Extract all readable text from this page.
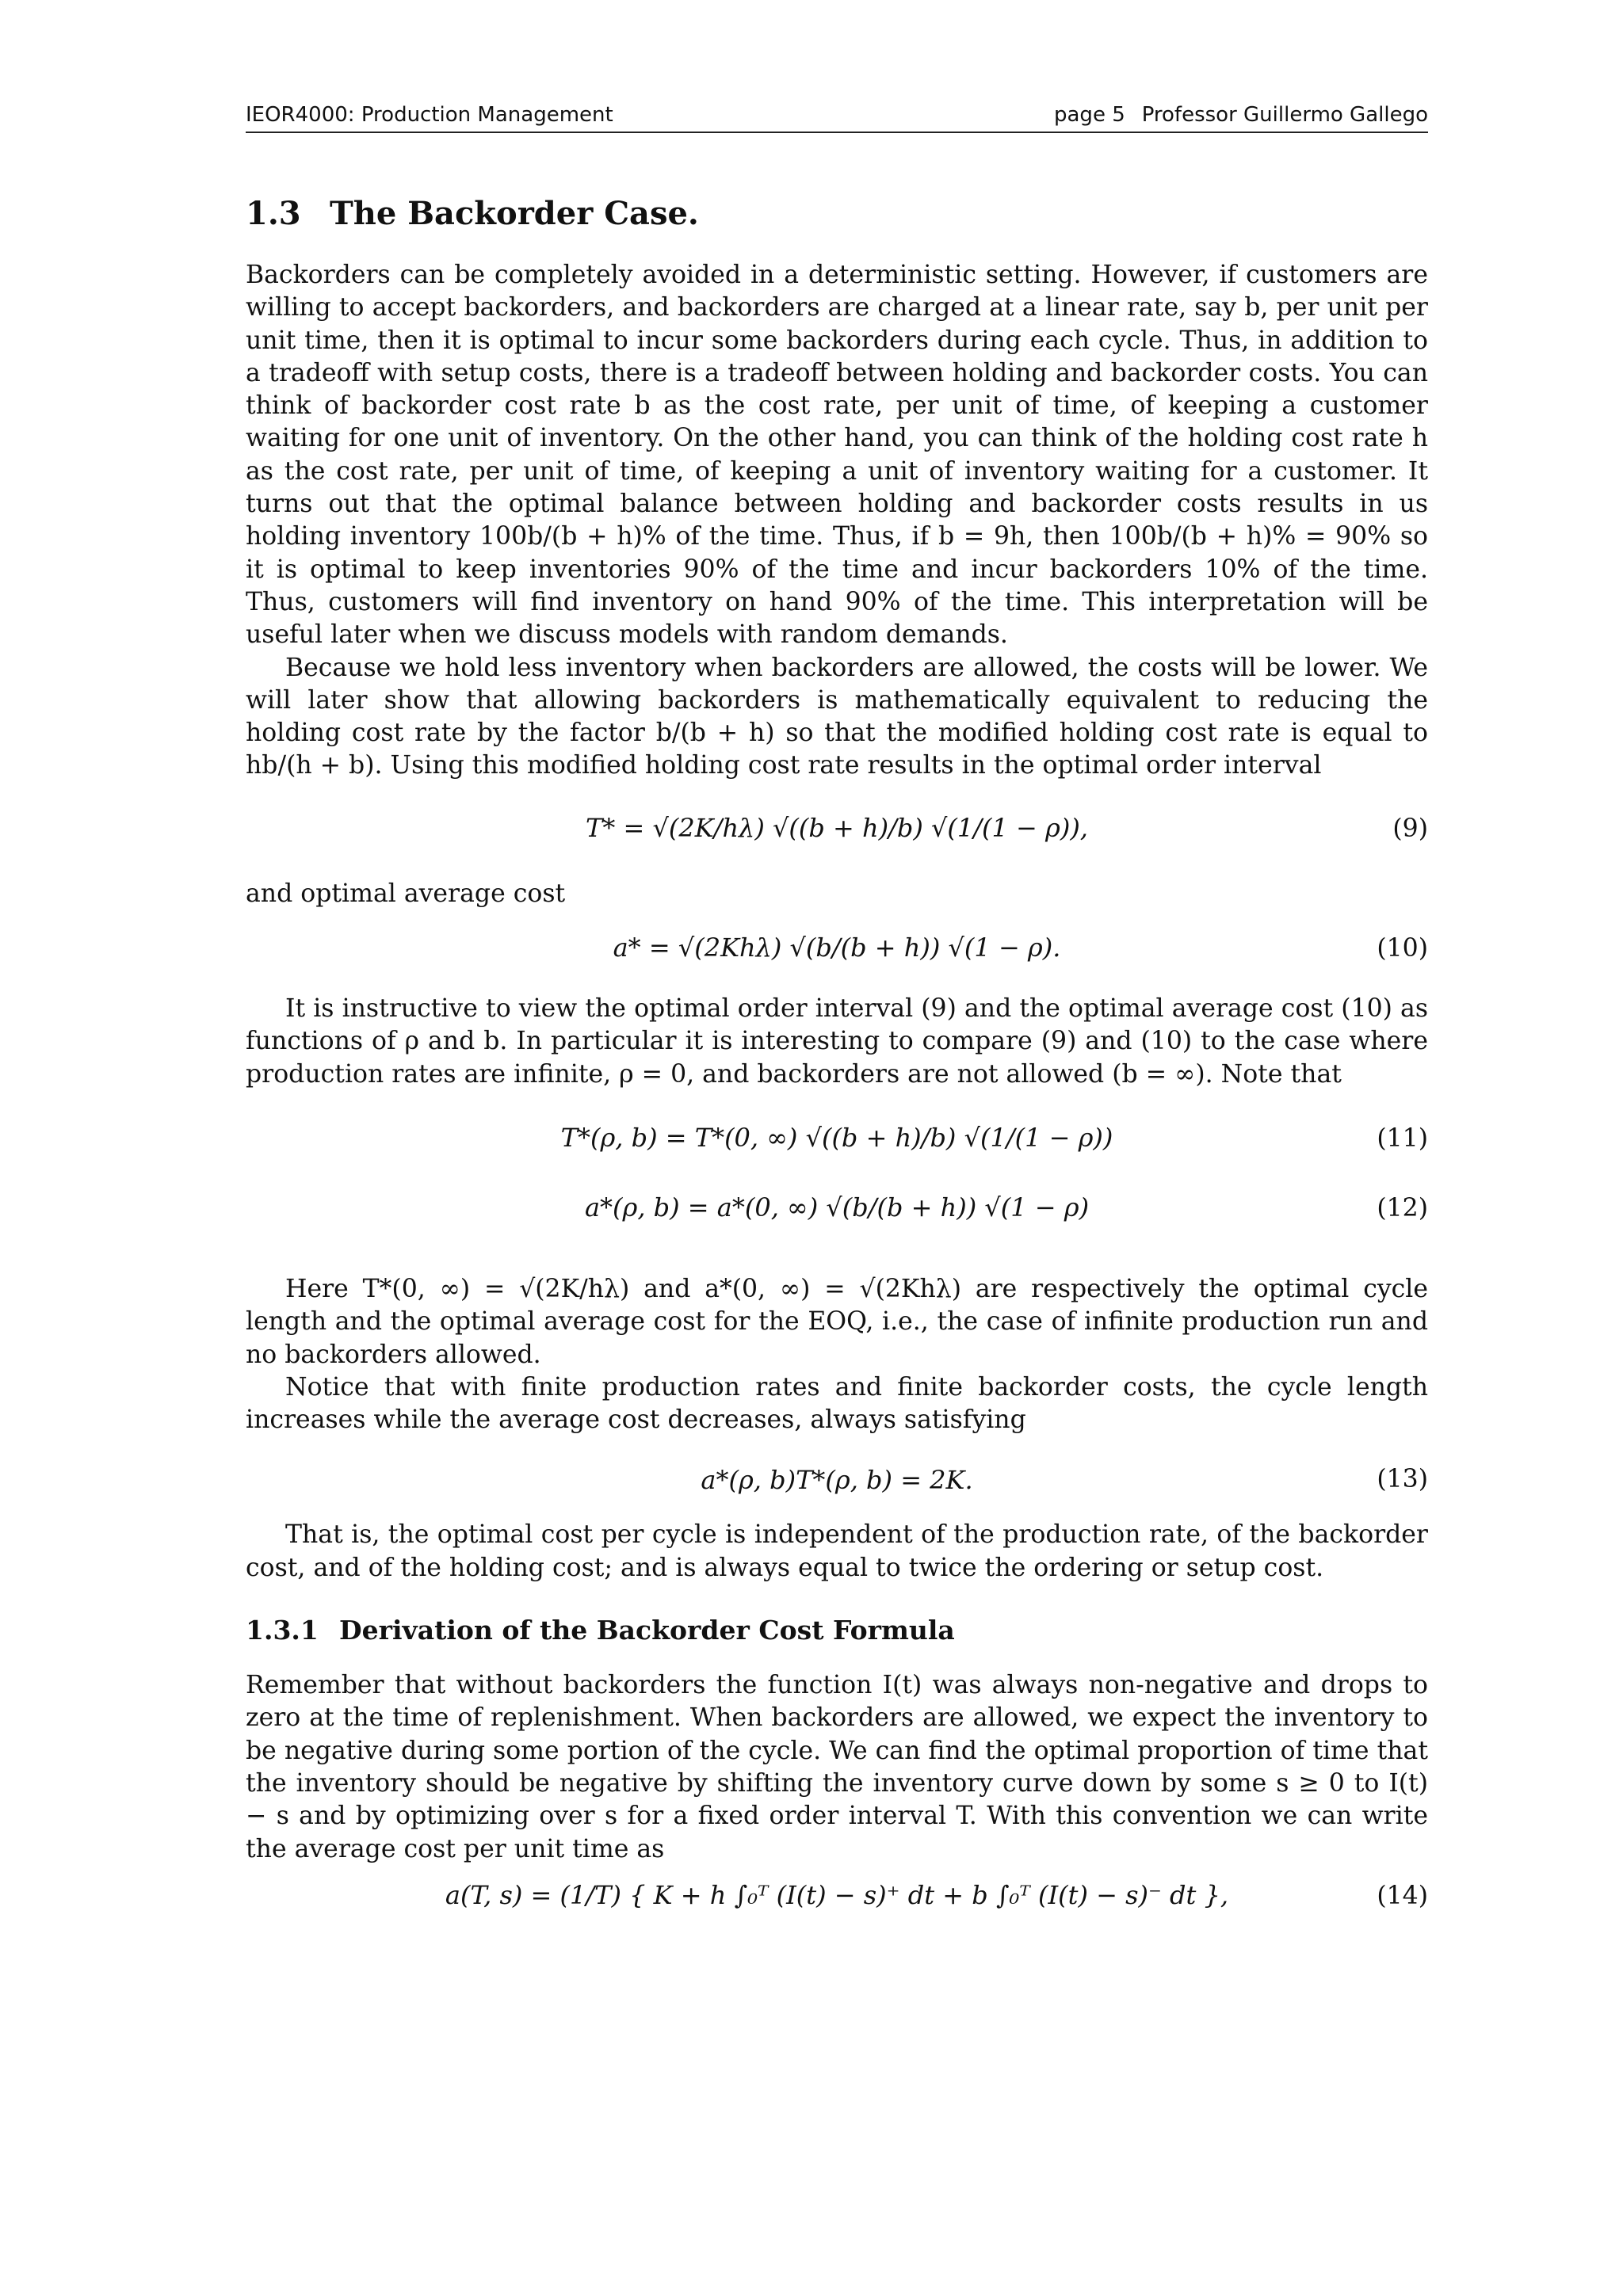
IEOR4000: Production Management	page 5 Professor Guillermo Gallego
1.3 The Backorder Case.

Backorders can be completely avoided in a deterministic setting. However, if customers are willing to accept backorders, and backorders are charged at a linear rate, say b, per unit per unit time, then it is optimal to incur some backorders during each cycle. Thus, in addition to a tradeoff with setup costs, there is a tradeoff between holding and backorder costs. You can think of backorder cost rate b as the cost rate, per unit of time, of keeping a customer waiting for one unit of inventory. On the other hand, you can think of the holding cost rate h as the cost rate, per unit of time, of keeping a unit of inventory waiting for a customer. It turns out that the optimal balance between holding and backorder costs results in us holding inventory 100b/(b + h)% of the time. Thus, if b = 9h, then 100b/(b + h)% = 90% so it is optimal to keep inventories 90% of the time and incur backorders 10% of the time. Thus, customers will find inventory on hand 90% of the time. This interpretation will be useful later when we discuss models with random demands.

Because we hold less inventory when backorders are allowed, the costs will be lower. We will later show that allowing backorders is mathematically equivalent to reducing the holding cost rate by the factor b/(b + h) so that the modified holding cost rate is equal to hb/(h + b). Using this modified holding cost rate results in the optimal order interval

T* = √(2K/hλ) √((b + h)/b) √(1/(1 − ρ)),	(9)

and optimal average cost

a* = √(2Khλ) √(b/(b + h)) √(1 − ρ).	(10)

It is instructive to view the optimal order interval (9) and the optimal average cost (10) as functions of ρ and b. In particular it is interesting to compare (9) and (10) to the case where production rates are infinite, ρ = 0, and backorders are not allowed (b = ∞). Note that

T*(ρ, b) = T*(0, ∞) √((b + h)/b) √(1/(1 − ρ))	(11)
a*(ρ, b) = a*(0, ∞) √(b/(b + h)) √(1 − ρ)	(12)

Here T*(0, ∞) = √(2K/hλ) and a*(0, ∞) = √(2Khλ) are respectively the optimal cycle length and the optimal average cost for the EOQ, i.e., the case of infinite production run and no backorders allowed.

Notice that with finite production rates and finite backorder costs, the cycle length increases while the average cost decreases, always satisfying

a*(ρ, b)T*(ρ, b) = 2K.	(13)

That is, the optimal cost per cycle is independent of the production rate, of the backorder cost, and of the holding cost; and is always equal to twice the ordering or setup cost.

1.3.1 Derivation of the Backorder Cost Formula

Remember that without backorders the function I(t) was always non-negative and drops to zero at the time of replenishment. When backorders are allowed, we expect the inventory to be negative during some portion of the cycle. We can find the optimal proportion of time that the inventory should be negative by shifting the inventory curve down by some s ≥ 0 to I(t) − s and by optimizing over s for a fixed order interval T. With this convention we can write the average cost per unit time as

a(T, s) = (1/T) { K + h ∫₀ᵀ (I(t) − s)⁺ dt + b ∫₀ᵀ (I(t) − s)⁻ dt },	(14)
